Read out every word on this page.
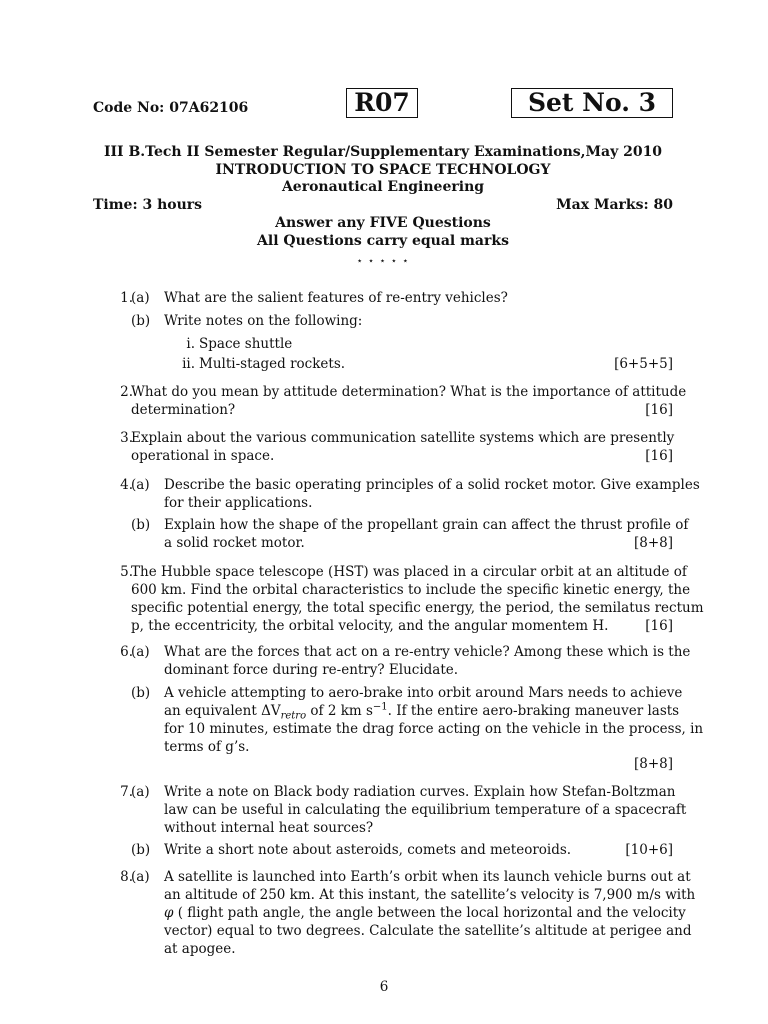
Code No: 07A62106	R07	Set No. 3
III B.Tech II Semester Regular/Supplementary Examinations,May 2010
INTRODUCTION TO SPACE TECHNOLOGY
Aeronautical Engineering
Time: 3 hours	Max Marks: 80
Answer any FIVE Questions
All Questions carry equal marks
⋆ ⋆ ⋆ ⋆ ⋆
1.
(a)	What are the salient features of re-entry vehicles?
(b)	Write notes on the following:
i. Space shuttle
ii. Multi-staged rockets.	[6+5+5]
2.
What do you mean by attitude determination? What is the importance of attitude
determination?	[16]
3.
Explain about the various communication satellite systems which are presently
operational in space.	[16]
4.
(a)	Describe the basic operating principles of a solid rocket motor. Give examples
for their applications.
(b)	Explain how the shape of the propellant grain can affect the thrust profile of
a solid rocket motor.	[8+8]
5.
The Hubble space telescope (HST) was placed in a circular orbit at an altitude of
600 km. Find the orbital characteristics to include the specific kinetic energy, the
specific potential energy, the total specific energy, the period, the semilatus rectum
p, the eccentricity, the orbital velocity, and the angular momentem H.	[16]
6.
(a)	What are the forces that act on a re-entry vehicle? Among these which is the
dominant force during re-entry? Elucidate.
(b)	A vehicle attempting to aero-brake into orbit around Mars needs to achieve
an equivalent $\Delta V_{retro}$ of 2 km $s^{-1}$. If the entire aero-braking maneuver lasts
for 10 minutes, estimate the drag force acting on the vehicle in the process, in
terms of g’s.
[8+8]
7.
(a)	Write a note on Black body radiation curves. Explain how Stefan-Boltzman
law can be useful in calculating the equilibrium temperature of a spacecraft
without internal heat sources?
(b)	Write a short note about asteroids, comets and meteoroids.	[10+6]
8.
(a)	A satellite is launched into Earth’s orbit when its launch vehicle burns out at
an altitude of 250 km. At this instant, the satellite’s velocity is 7,900 m/s with
φ ( flight path angle, the angle between the local horizontal and the velocity
vector) equal to two degrees. Calculate the satellite’s altitude at perigee and
at apogee.
6
